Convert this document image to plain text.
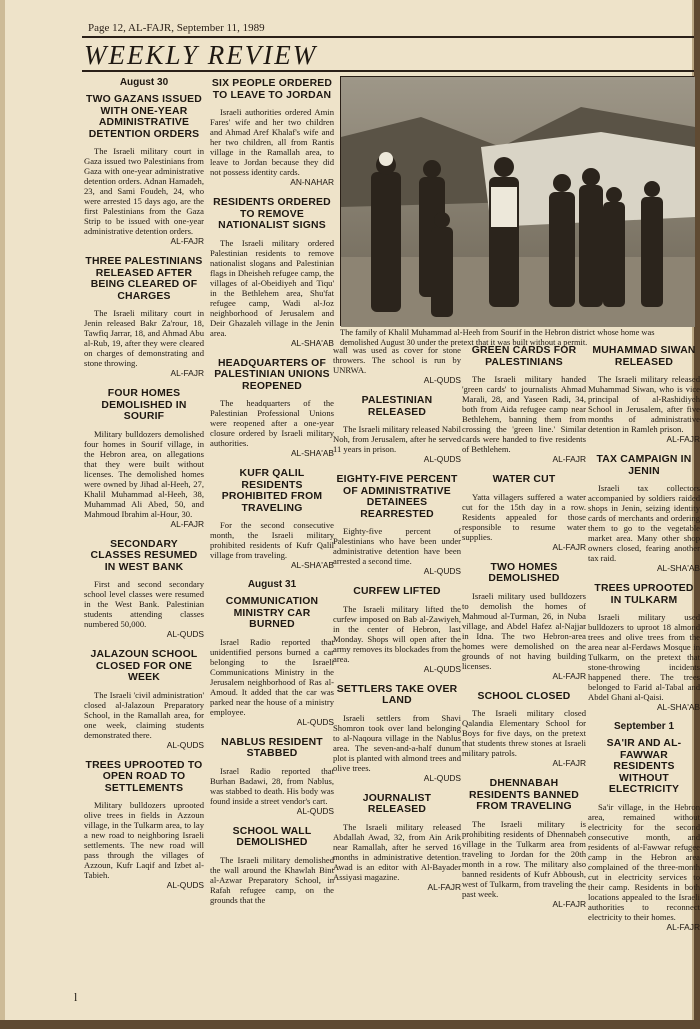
Page 12, AL-FAJR, September 11, 1989
WEEKLY REVIEW
August 30
TWO GAZANS ISSUED WITH ONE-YEAR ADMINISTRATIVE DETENTION ORDERS
The Israeli military court in Gaza issued two Palestinians from Gaza with one-year administrative detention orders. Adnan Hamadeh, 23, and Sami Foudeh, 24, who were arrested 15 days ago, are the first Palestinians from the Gaza Strip to be issued with one-year administrative detention orders.
AL-FAJR
THREE PALESTINIANS RELEASED AFTER BEING CLEARED OF CHARGES
The Israeli military court in Jenin released Bakr Za'rour, 18, Tawfiq Jarrar, 18, and Ahmad Abu al-Rub, 19, after they were cleared on charges of demonstrating and stone throwing.
AL-FAJR
FOUR HOMES DEMOLISHED IN SOURIF
Military bulldozers demolished four homes in Sourif village, in the Hebron area, on allegations that they were built without licenses. The demolished homes were owned by Jihad al-Heeh, 27, Khalil Muhammad al-Heeh, 38, Muhammad Ali Abed, 50, and Mahmoud Ibrahim al-Hour, 30.
AL-FAJR
SECONDARY CLASSES RESUMED IN WEST BANK
First and second secondary school level classes were resumed in the West Bank. Palestinian students attending classes numbered 50,000.
AL-QUDS
JALAZOUN SCHOOL CLOSED FOR ONE WEEK
The Israeli 'civil administration' closed al-Jalazoun Preparatory School, in the Ramallah area, for one week, claiming students demonstrated there.
AL-QUDS
TREES UPROOTED TO OPEN ROAD TO SETTLEMENTS
Military bulldozers uprooted olive trees in fields in Azzoun village, in the Tulkarm area, to lay a new road to neighboring Israeli settlements. The new road will pass through the villages of Azzoun, Kufr Laqif and Izbet al-Tabieh.
AL-QUDS
SIX PEOPLE ORDERED TO LEAVE TO JORDAN
Israeli authorities ordered Amin Fares' wife and her two children and Ahmad Aref Khalaf's wife and her two children, all from Rantis village in the Ramallah area, to leave to Jordan because they did not possess identity cards.
AN-NAHAR
RESIDENTS ORDERED TO REMOVE NATIONALIST SIGNS
The Israeli military ordered Palestinian residents to remove nationalist slogans and Palestinian flags in Dheisheh refugee camp, the villages of al-Obeidiyeh and Tiqu' in the Bethlehem area, Shu'fat refugee camp, Wadi al-Joz neighborhood of Jerusalem and Deir Ghazaleh village in the Jenin area.
AL-SHA'AB
HEADQUARTERS OF PALESTINIAN UNIONS REOPENED
The headquarters of the Palestinian Professional Unions were reopened after a one-year closure ordered by Israeli military authorities.
AL-SHA'AB
KUFR QALIL RESIDENTS PROHIBITED FROM TRAVELING
For the second consecutive month, the Israeli military prohibited residents of Kufr Qalil village from traveling.
AL-SHA'AB
August 31
COMMUNICATION MINISTRY CAR BURNED
Israel Radio reported that unidentified persons burned a car belonging to the Israeli Communications Ministry in the Jerusalem neighborhood of Ras al-Amoud. It added that the car was parked near the house of a ministry employee.
AL-QUDS
NABLUS RESIDENT STABBED
Israel Radio reported that Burhan Badawi, 28, from Nablus, was stabbed to death. His body was found inside a street vendor's cart.
AL-QUDS
SCHOOL WALL DEMOLISHED
The Israeli military demolished the wall around the Khawlah Bint al-Azwar Preparatory School, in Rafah refugee camp, on the grounds that the
The family of Khalil Muhammad al-Heeh from Sourif in the Hebron district whose home was demolished August 30 under the pretext that it was built without a permit.
wall was used as cover for stone throwers. The school is run by UNRWA.
AL-QUDS
PALESTINIAN RELEASED
The Israeli military released Nabil Noh, from Jerusalem, after he served 11 years in prison.
AL-QUDS
EIGHTY-FIVE PERCENT OF ADMINISTRATIVE DETAINEES REARRESTED
Eighty-five percent of Palestinians who have been under administrative detention have been arrested a second time.
AL-QUDS
CURFEW LIFTED
The Israeli military lifted the curfew imposed on Bab al-Zawiyeh, in the center of Hebron, last Monday. Shops will open after the army removes its blockades from the area.
AL-QUDS
SETTLERS TAKE OVER LAND
Israeli settlers from Shavi Shomron took over land belonging to al-Naqoura village in the Nablus area. The seven-and-a-half dunum plot is planted with almond trees and olive trees.
AL-QUDS
JOURNALIST RELEASED
The Israeli military released Abdallah Awad, 32, from Ain Arik near Ramallah, after he served 16 months in administrative detention. Awad is an editor with Al-Bayader Assiyasi magazine.
AL-FAJR
GREEN CARDS FOR PALESTINIANS
The Israeli military handed 'green cards' to journalists Ahmad Marali, 28, and Yaseen Radi, 34, both from Aida refugee camp near Bethlehem, banning them from crossing the 'green line.' Similar cards were handed to five residents of Bethlehem.
AL-FAJR
WATER CUT
Yatta villagers suffered a water cut for the 15th day in a row. Residents appealed for those responsible to resume water supplies.
AL-FAJR
TWO HOMES DEMOLISHED
Israeli military used bulldozers to demolish the homes of Mahmoud al-Turman, 26, in Nuba village, and Abdel Hafez al-Najjar in Idna. The two Hebron-area homes were demolished on the grounds of not having building licenses.
AL-FAJR
SCHOOL CLOSED
The Israeli military closed Qalandia Elementary School for Boys for five days, on the pretext that students threw stones at Israeli military patrols.
AL-FAJR
DHENNABAH RESIDENTS BANNED FROM TRAVELING
The Israeli military is prohibiting residents of Dhennabeh village in the Tulkarm area from traveling to Jordan for the 20th month in a row. The military also banned residents of Kufr Abboush, west of Tulkarm, from traveling the past week.
AL-FAJR
MUHAMMAD SIWAN RELEASED
The Israeli military released Muhammad Siwan, who is vice principal of al-Rashidiyeh School in Jerusalem, after five months of administrative detention in Ramleh prison.
AL-FAJR
TAX CAMPAIGN IN JENIN
Israeli tax collectors accompanied by soldiers raided shops in Jenin, seizing identity cards of merchants and ordering them to go to the vegetable market area. Many other shop owners closed, fearing another tax raid.
AL-SHA'AB
TREES UPROOTED IN TULKARM
Israeli military used bulldozers to uproot 18 almond trees and olive trees from the area near al-Ferdaws Mosque in Tulkarm, on the pretext that stone-throwing incidents happened there. The trees belonged to Farid al-Tabal and Abdel Ghani al-Qaisi.
AL-SHA'AB
September 1
SA'IR AND AL-FAWWAR RESIDENTS WITHOUT ELECTRICITY
Sa'ir village, in the Hebron area, remained without electricity for the second consecutive month, and residents of al-Fawwar refugee camp in the Hebron area complained of the three-month cut in electricity services to their camp. Residents in both locations appealed to the Israeli authorities to reconnect electricity to their homes.
AL-FAJR
l
